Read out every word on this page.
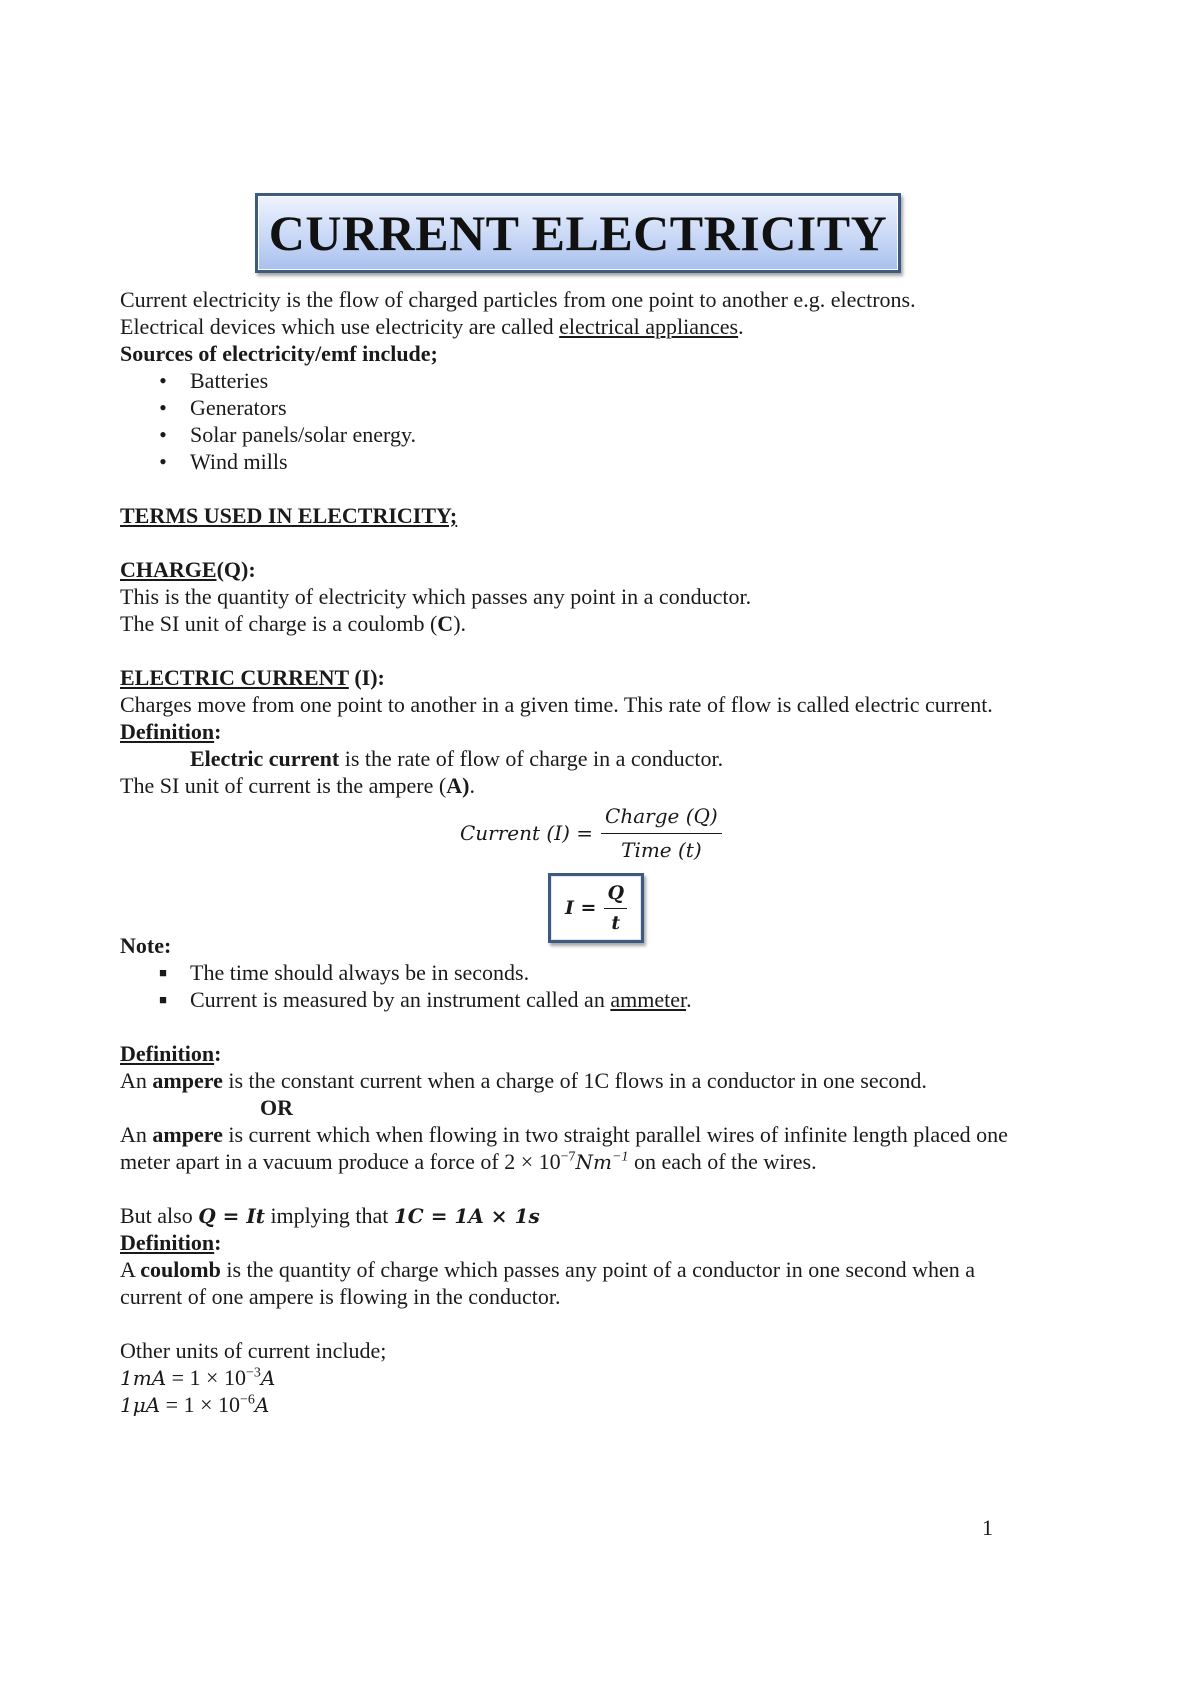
CURRENT ELECTRICITY
Current electricity is the flow of charged particles from one point to another e.g. electrons.
Electrical devices which use electricity are called electrical appliances.
Sources of electricity/emf include;
• Batteries
• Generators
• Solar panels/solar energy.
• Wind mills
TERMS USED IN ELECTRICITY;
CHARGE(Q):
This is the quantity of electricity which passes any point in a conductor.
The SI unit of charge is a coulomb (C).
ELECTRIC CURRENT (I):
Charges move from one point to another in a given time. This rate of flow is called electric current.
Definition:
Electric current is the rate of flow of charge in a conductor.
The SI unit of current is the ampere (A).
Current $(I) = \frac{\text{Charge (Q)}}{\text{Time (t)}}$
$I = \frac{Q}{t}$
Note:
■ The time should always be in seconds.
■ Current is measured by an instrument called an ammeter.
Definition:
An ampere is the constant current when a charge of 1C flows in a conductor in one second.
OR
An ampere is current which when flowing in two straight parallel wires of infinite length placed one
meter apart in a vacuum produce a force of $2 \times 10^{-7}Nm^{-1}$ on each of the wires.
But also Q = It implying that 1C = 1A × 1s
Definition:
A coulomb is the quantity of charge which passes any point of a conductor in one second when a
current of one ampere is flowing in the conductor.
Other units of current include;
$1mA = 1 \times 10^{-3}A$
$1\mu A = 1 \times 10^{-6}A$
1
